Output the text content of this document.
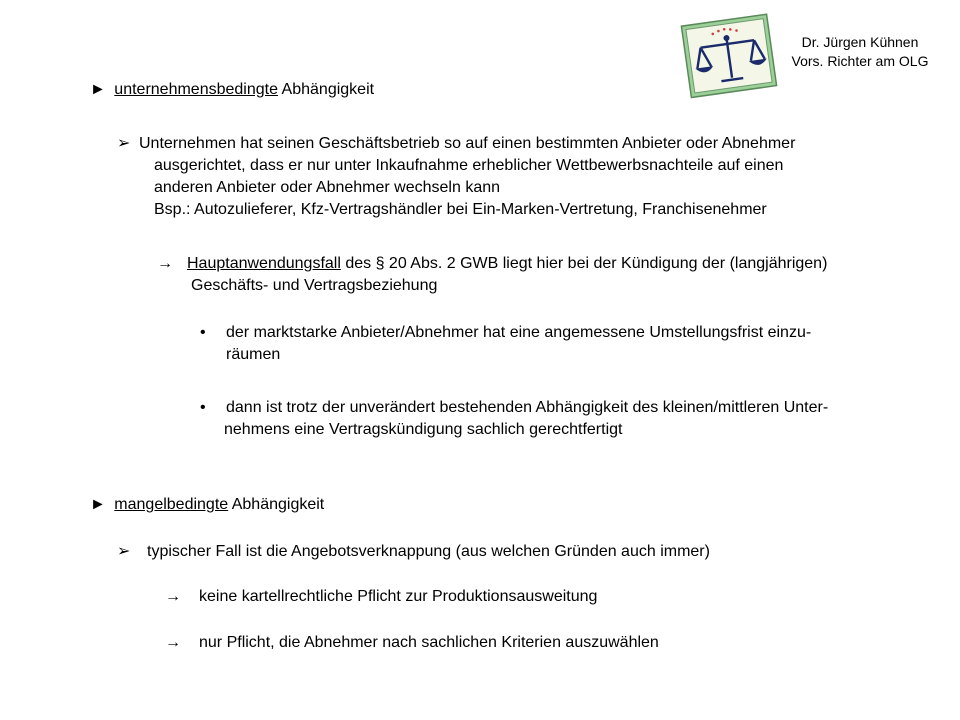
Dr. Jürgen Kühnen
Vors. Richter am OLG
► unternehmensbedingte Abhängigkeit
➢ Unternehmen hat seinen Geschäftsbetrieb so auf einen bestimmten Anbieter oder Abnehmer
ausgerichtet, dass er nur unter Inkaufnahme erheblicher Wettbewerbsnachteile auf einen
anderen Anbieter oder Abnehmer wechseln kann
Bsp.: Autozulieferer, Kfz-Vertragshändler bei Ein-Marken-Vertretung, Franchisenehmer
→ Hauptanwendungsfall des § 20 Abs. 2 GWB liegt hier bei der Kündigung der (langjährigen)
Geschäfts- und Vertragsbeziehung
• der marktstarke Anbieter/Abnehmer hat eine angemessene Umstellungsfrist einzu-
räumen
• dann ist trotz der unverändert bestehenden Abhängigkeit des kleinen/mittleren Unter-
nehmens eine Vertragskündigung sachlich gerechtfertigt
► mangelbedingte Abhängigkeit
➢ typischer Fall ist die Angebotsverknappung (aus welchen Gründen auch immer)
→ keine kartellrechtliche Pflicht zur Produktionsausweitung
→ nur Pflicht, die Abnehmer nach sachlichen Kriterien auszuwählen
